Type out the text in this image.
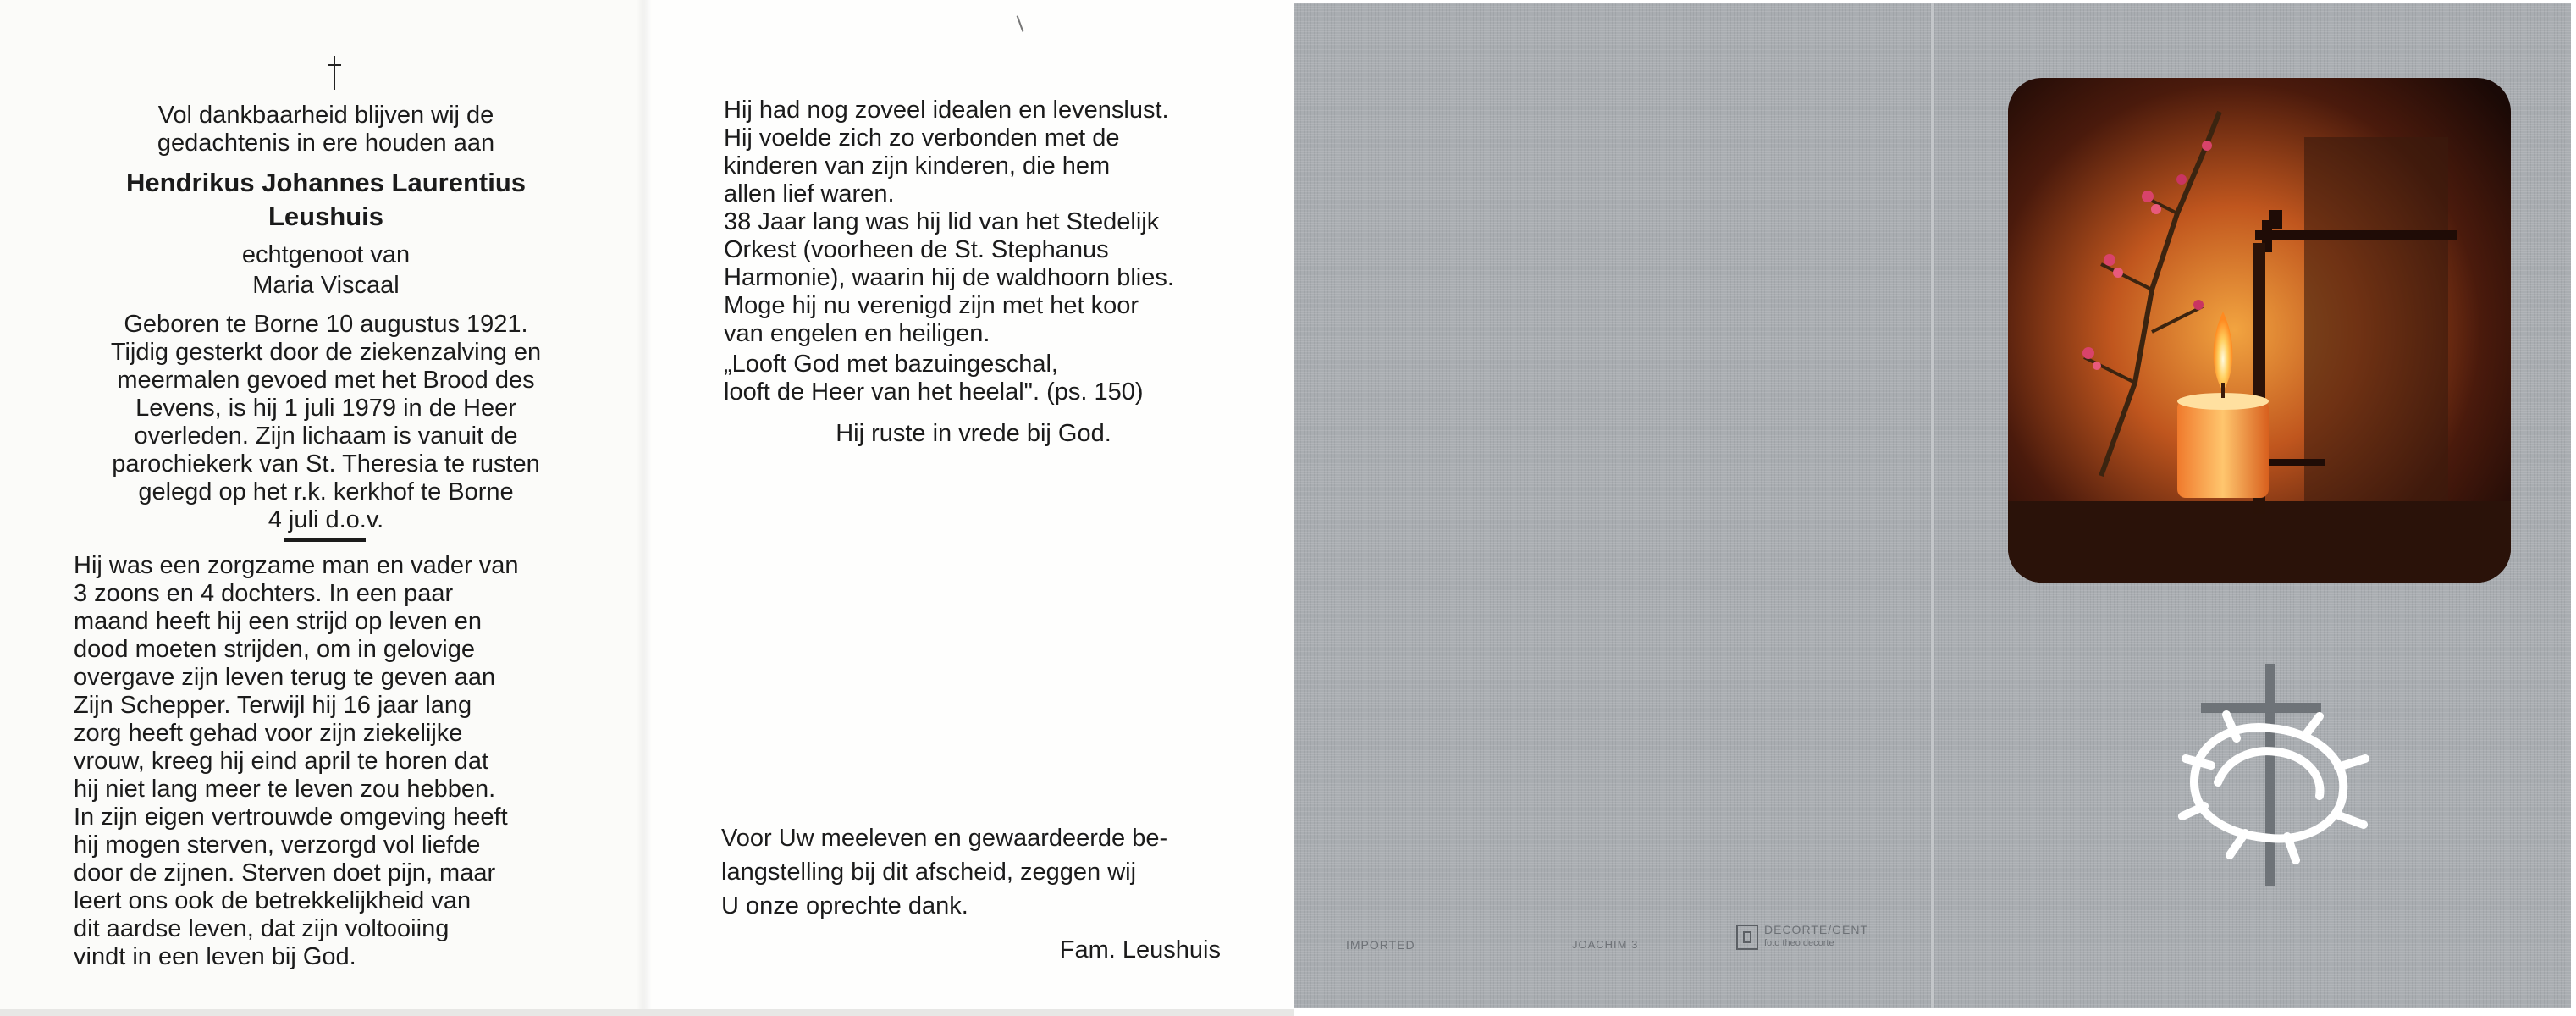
Vol dankbaarheid blijven wij de
gedachtenis in ere houden aan
Hendrikus Johannes Laurentius
Leushuis
echtgenoot van
Maria Viscaal
Geboren te Borne 10 augustus 1921.
Tijdig gesterkt door de ziekenzalving en
meermalen gevoed met het Brood des
Levens, is hij 1 juli 1979 in de Heer
overleden. Zijn lichaam is vanuit de
parochiekerk van St. Theresia te rusten
gelegd op het r.k. kerkhof te Borne
4 juli d.o.v.
Hij was een zorgzame man en vader van
3 zoons en 4 dochters. In een paar
maand heeft hij een strijd op leven en
dood moeten strijden, om in gelovige
overgave zijn leven terug te geven aan
Zijn Schepper. Terwijl hij 16 jaar lang
zorg heeft gehad voor zijn ziekelijke
vrouw, kreeg hij eind april te horen dat
hij niet lang meer te leven zou hebben.
In zijn eigen vertrouwde omgeving heeft
hij mogen sterven, verzorgd vol liefde
door de zijnen. Sterven doet pijn, maar
leert ons ook de betrekkelijkheid van
dit aardse leven, dat zijn voltooiing
vindt in een leven bij God.
Hij had nog zoveel idealen en levenslust.
Hij voelde zich zo verbonden met de
kinderen van zijn kinderen, die hem
allen lief waren.
38 Jaar lang was hij lid van het Stedelijk
Orkest (voorheen de St. Stephanus
Harmonie), waarin hij de waldhoorn blies.
Moge hij nu verenigd zijn met het koor
van engelen en heiligen.
„Looft God met bazuingeschal,
looft de Heer van het heelal". (ps. 150)
Hij ruste in vrede bij God.
Voor Uw meeleven en gewaardeerde be-
langstelling bij dit afscheid, zeggen wij
U onze oprechte dank.
Fam. Leushuis	IMPORTED	JOACHIM 3
DECORTE/GENT
foto theo decorte
